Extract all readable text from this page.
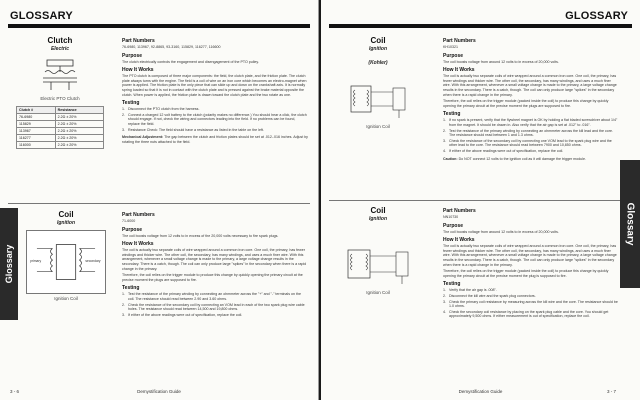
GLOSSARY
Clutch
Electric
Electric PTO Clutch
Clutch #	Resistance
76-6980	2.2Ω ± 20%
115829	2.2Ω ± 20%
113967	2.2Ω ± 20%
116277	2.2Ω ± 20%
116000	2.2Ω ± 20%
Part Numbers
76-6980, 113967, 92-8865, 93-3160, 115829, 116277, 116600
Purpose
The clutch electrically controls the engagement and disengagement of the PTO pulley.
How It Works
The PTO clutch is composed of three major components: the field, the clutch plate, and the friction plate. The clutch plate always turns with the engine. The field is a coil of wire on an iron core which becomes an electro-magnet when power is applied. The friction plate is the only piece that can slide up and down on the crankshaft axis. It is normally spring loaded so that it is not in contact with the clutch plate and is pressed against the brake material opposite the clutch. When power is applied, the friction plate is drawn toward the clutch plate and the two rotate as one.
Testing
1. Disconnect the PTO clutch from the harness.
2. Connect a charged 12 volt battery to the clutch (polarity makes no difference.) You should hear a click, the clutch should engage. If not, check the wiring and connectors leading into the field. If no problems can be found, replace the field.
3. Resistance Check: The field should have a resistance as listed in the table on the left.
Mechanical Adjustment: The gap between the clutch and friction plates should be set at .012-.016 inches. Adjust by rotating the three nuts attached to the field.
Coil
Ignition
primary	secondary
Ignition Coil
Part Numbers
71-6000
Purpose
The coil boosts voltage from 12 volts to in excess of the 20,000 volts necessary to fire spark plugs.
How It Works
The coil is actually two separate coils of wire wrapped around a common iron core. One coil, the primary, has fewer windings and thicker wire. The other coil, the secondary, has many windings, and uses a much finer wire. With this arrangement, whenever a small voltage change is made to the primary, a large voltage change results in the secondary. There is a catch, though. The coil can only produce large "spikes" in the secondary when there is a rapid change in the primary.
Therefore, the coil relies on the trigger module to produce this change by quickly opening the primary circuit at the precise moment the plugs are supposed to fire.
Testing
1. Test the resistance of the primary winding by connecting an ohmmeter across the "+" and "-" terminals on the coil. The resistance should read between 2.90 and 3.60 ohms.
2. Check the resistance of the secondary coil by connecting an VOM lead in each of the two spark plug wire cable holes. The resistance should read between 14,500 and 19,800 ohms.
3. If either of the above readings were out of specification, replace the coil.
Glossary
3 - 6	Demystification Guide
GLOSSARY
Coil
Ignition
(Kohler)
Ignition Coil
Part Numbers
KH10321
Purpose
The coil boosts voltage from around 12 volts to in excess of 20,000 volts.
How It Works
The coil is actually two separate coils of wire wrapped around a common iron core. One coil, the primary, has fewer windings and thicker wire. The other coil, the secondary, has many windings, and uses a much finer wire. With this arrangement, whenever a small voltage change is made to the primary, a large voltage change results in the secondary. There is a catch, though. The coil can only produce large "spikes" in the secondary when there is a rapid change in the primary.
Therefore, the coil relies on the trigger module (packed inside the coil) to produce this change by quickly opening the primary circuit at the precise moment the plugs are supposed to fire.
Testing
1. If no spark is present, verify that the flywheel magnet is OK by holding a flat bladed screwdriver about 1/4" from the magnet. It should be drawn in. Also verify that the air gap is set at .012" to .016".
2. Test the resistance of the primary winding by connecting an ohmmeter across the kill lead and the core. The resistance should read between 1 and 1.3 ohms.
3. Check the resistance of the secondary coil by connecting one VOM lead to the spark plug wire and the other lead to the core. The resistance should read between 7900 and 10,850 ohms.
4. If either of the above readings were out of specification, replace the coil.
Caution: Do NOT connect 12 volts to the ignition coil as it will damage the trigger module.
Coil
Ignition
Ignition Coil
Part Numbers
NN10730
Purpose
The coil boosts voltage from around 12 volts to in excess of 20,000 volts.
How It Works
The coil is actually two separate coils of wire wrapped around a common iron core. One coil, the primary, has fewer windings and thicker wire. The other coil, the secondary, has many windings, and uses a much finer wire. With this arrangement, whenever a small voltage change is made to the primary, a large voltage change results in the secondary. There is a catch, though. The coil can only produce large "spikes" in the secondary when there is a rapid change in the primary.
Therefore, the coil relies on the trigger module (packed inside the coil) to produce this change by quickly opening the primary circuit at the precise moment the plug is supposed to fire.
Testing
1. Verify that the air gap is .008".
2. Disconnect the kill wire and the spark plug connectors.
3. Check the primary coil resistance by measuring across the kill wire and the core. The resistance should be 1.0 ohms.
4. Check the secondary coil resistance by placing on the spark plug cable and the core. You should get approximately 9,500 ohms. If either measurement is out of specification, replace the coil.
Glossary
Demystification Guide	3 - 7
